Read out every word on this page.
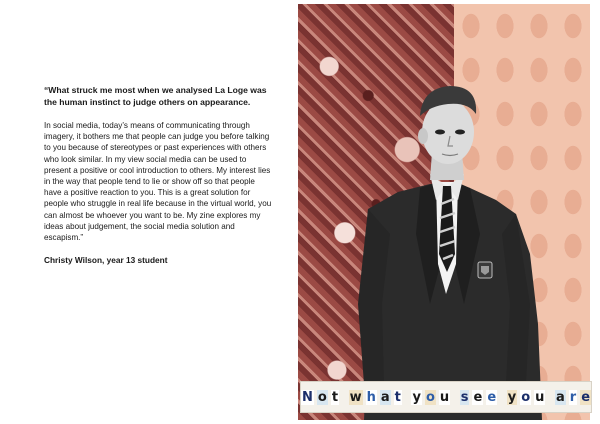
“What struck me most when we analysed La Loge was the human instinct to judge others on appearance.

In social media, today’s means of communicating through imagery, it bothers me that people can judge you before talking to you because of stereotypes or past experiences with others who look similar. In my view social media can be used to present a positive or cool introduction to others. My interest lies in the way that people tend to lie or show off so that people have a positive reaction to you. This is a great solution for people who struggle in real life because in the virtual world, you can almost be whoever you want to be. My zine explores my ideas about judgement, the social media solution and escapism.”

Christy Wilson, year 13 student

N o t w h a t y o u s e e y o u a r e
